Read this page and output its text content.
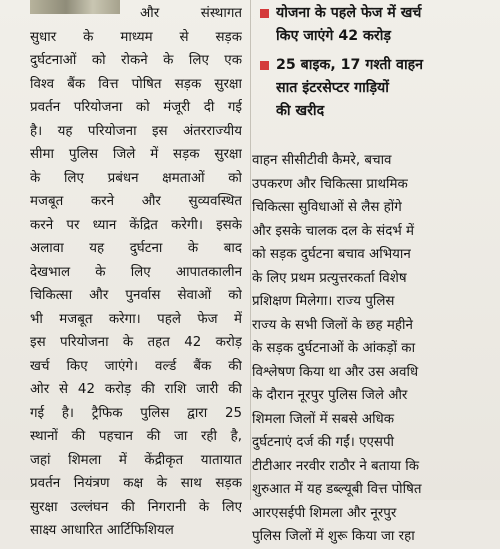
और संस्थागत
सुधार के माध्यम से सड़क
दुर्घटनाओं को रोकने के लिए एक
विश्व बैंक वित्त पोषित सड़क सुरक्षा
प्रवर्तन परियोजना को मंजूरी दी गई
है। यह परियोजना इस अंतरराज्यीय
सीमा पुलिस जिले में सड़क सुरक्षा
के लिए प्रबंधन क्षमताओं को
मजबूत करने और सुव्यवस्थित
करने पर ध्यान केंद्रित करेगी। इसके
अलावा यह दुर्घटना के बाद
देखभाल के लिए आपातकालीन
चिकित्सा और पुनर्वास सेवाओं को
भी मजबूत करेगा। पहले फेज में
इस परियोजना के तहत 42 करोड़
खर्च किए जाएंगे। वर्ल्ड बैंक की
ओर से 42 करोड़ की राशि जारी की
गई है। ट्रैफिक पुलिस द्वारा 25
स्थानों की पहचान की जा रही है,
जहां शिमला में केंद्रीकृत यातायात
प्रवर्तन नियंत्रण कक्ष के साथ सड़क
सुरक्षा उल्लंघन की निगरानी के लिए
साक्ष्य आधारित आर्टिफिशियल
योजना के पहले फेज में खर्च
किए जाएंगे 42 करोड़
25 बाइक, 17 गश्ती वाहन
सात इंटरसेप्टर गाड़ियों
की खरीद
वाहन सीसीटीवी कैमरे, बचाव
उपकरण और चिकित्सा प्राथमिक
चिकित्सा सुविधाओं से लैस होंगे
और इसके चालक दल के संदर्भ में
को सड़क दुर्घटना बचाव अभियान
के लिए प्रथम प्रत्युत्तरकर्ता विशेष
प्रशिक्षण मिलेगा। राज्य पुलिस
राज्य के सभी जिलों के छह महीने
के सड़क दुर्घटनाओं के आंकड़ों का
विश्लेषण किया था और उस अवधि
के दौरान नूरपुर पुलिस जिले और
शिमला जिलों में सबसे अधिक
दुर्घटनाएं दर्ज की गईं। एएसपी
टीटीआर नरवीर राठौर ने बताया कि
शुरुआत में यह डब्ल्यूबी वित्त पोषित
आरएसईपी शिमला और नूरपुर
पुलिस जिलों में शुरू किया जा रहा
